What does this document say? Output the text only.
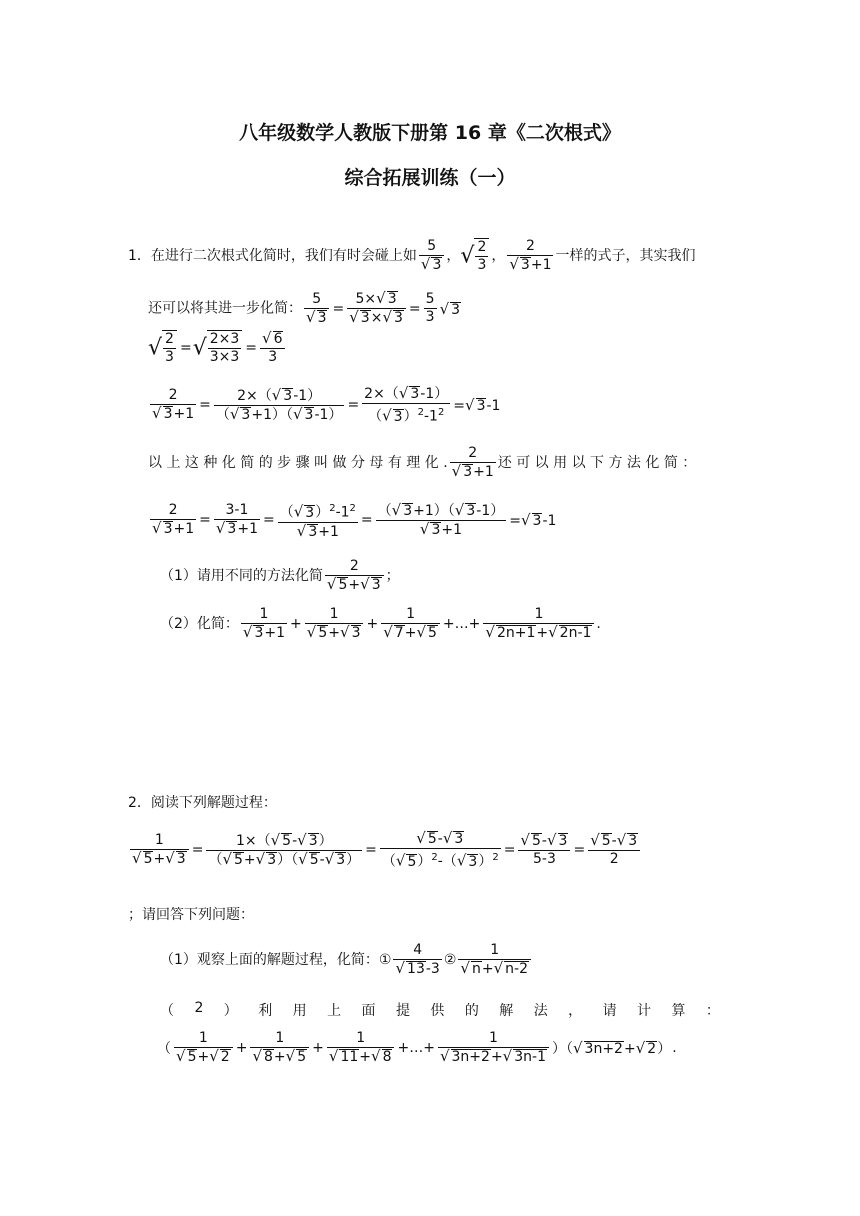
八年级数学人教版下册第 16 章《二次根式》
综合拓展训练（一）
1．在进行二次根式化简时，我们有时会碰上如 $\frac{5}{√ 3}$ ，√ $\frac{2}{3}$ ， $\frac{2}{√ 3+1}$ 一样的式子，其实我们
还可以将其进一步化简： $\frac{5}{√ 3} = \frac{5\times√ 3}{√ 3\times√ 3} = \frac{5}{3}$ √ 3
√ $\frac{2}{3}$ =√ $\frac{2\times 3}{3\times 3} = \frac{√ 6}{3}$
$\frac{2}{√ 3+1} = \frac{2\times(√ 3-1)}{(√ 3+1)(√ 3-1)} = \frac{2\times(√ 3-1)}{(√ 3)^2-1^2}$ =√ 3-1
以 上 这 种 化 简 的 步 骤 叫 做 分 母 有 理 化 . $\frac{2}{√ 3+1}$ 还 可 以 用 以 下 方 法 化 简 ：
$\frac{2}{√ 3+1} = \frac{3-1}{√ 3+1} = \frac{(√ 3)^2-1^2}{√ 3+1} = \frac{(√ 3+1)(√ 3-1)}{√ 3+1}$ =√ 3-1
（1）请用不同的方法化简 $\frac{2}{√ 5+√ 3}$ ；
（2）化简： $\frac{1}{√ 3+1} + \frac{1}{√ 5+√ 3} + \frac{1}{√ 7+√ 5}$ +…+ $\frac{1}{√ 2n+1+√ 2n-1}$ .
2．阅读下列解题过程：
$\frac{1}{√ 5+√ 3} = \frac{1\times(√ 5-√ 3)}{(√ 5+√ 3)(√ 5-√ 3)} = \frac{√ 5-√ 3}{(√ 5)^2-(√ 3)^2} = \frac{√ 5-√ 3}{5-3} = \frac{√ 5-√ 3}{2}$
；请回答下列问题：
（1）观察上面的解题过程，化简：① $\frac{4}{√ 13-3}$ ② $\frac{1}{√ n+√ n-2}$
（ 2 ） 利 用 上 面 提 供 的 解 法 ， 请 计 算 ：
（ $\frac{1}{√ 5+√ 2} + \frac{1}{√ 8+√ 5} + \frac{1}{√ 11+√ 8}$ +…+ $\frac{1}{√ 3n+2+√ 3n-1}$ ）（√ 3n+2+√ 2）.
